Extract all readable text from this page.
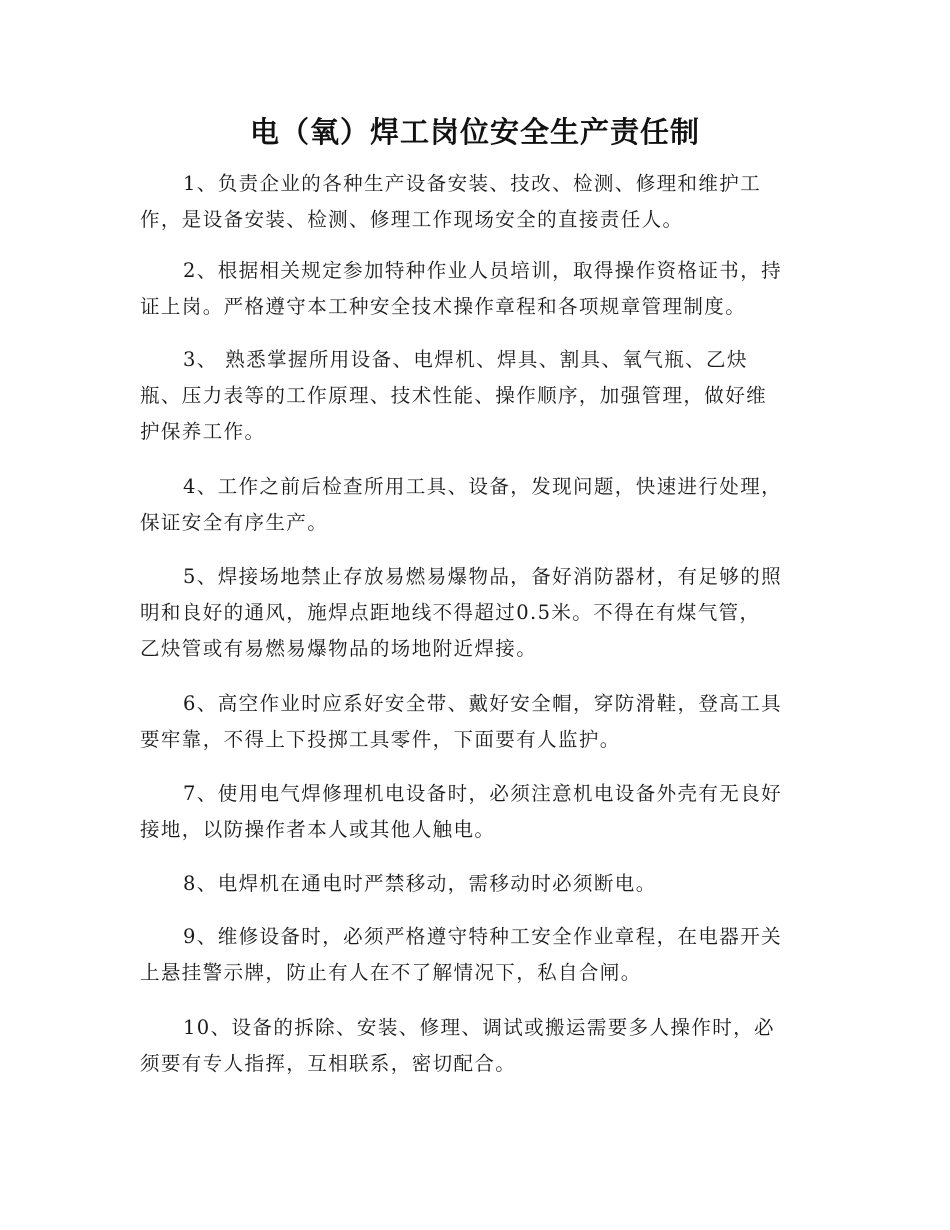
电（氧）焊工岗位安全生产责任制
1、负责企业的各种生产设备安装、技改、检测、修理和维护工
作，是设备安装、检测、修理工作现场安全的直接责任人。
2、根据相关规定参加特种作业人员培训，取得操作资格证书，持
证上岗。严格遵守本工种安全技术操作章程和各项规章管理制度。
3、 熟悉掌握所用设备、电焊机、焊具、割具、氧气瓶、乙炔
瓶、压力表等的工作原理、技术性能、操作顺序，加强管理，做好维
护保养工作。
4、工作之前后检查所用工具、设备，发现问题，快速进行处理，
保证安全有序生产。
5、焊接场地禁止存放易燃易爆物品，备好消防器材，有足够的照
明和良好的通风，施焊点距地线不得超过0.5米。不得在有煤气管，
乙炔管或有易燃易爆物品的场地附近焊接。
6、高空作业时应系好安全带、戴好安全帽，穿防滑鞋，登高工具
要牢靠，不得上下投掷工具零件，下面要有人监护。
7、使用电气焊修理机电设备时，必须注意机电设备外壳有无良好
接地，以防操作者本人或其他人触电。
8、电焊机在通电时严禁移动，需移动时必须断电。
9、维修设备时，必须严格遵守特种工安全作业章程，在电器开关
上悬挂警示牌，防止有人在不了解情况下，私自合闸。
10、设备的拆除、安装、修理、调试或搬运需要多人操作时，必
须要有专人指挥，互相联系，密切配合。
